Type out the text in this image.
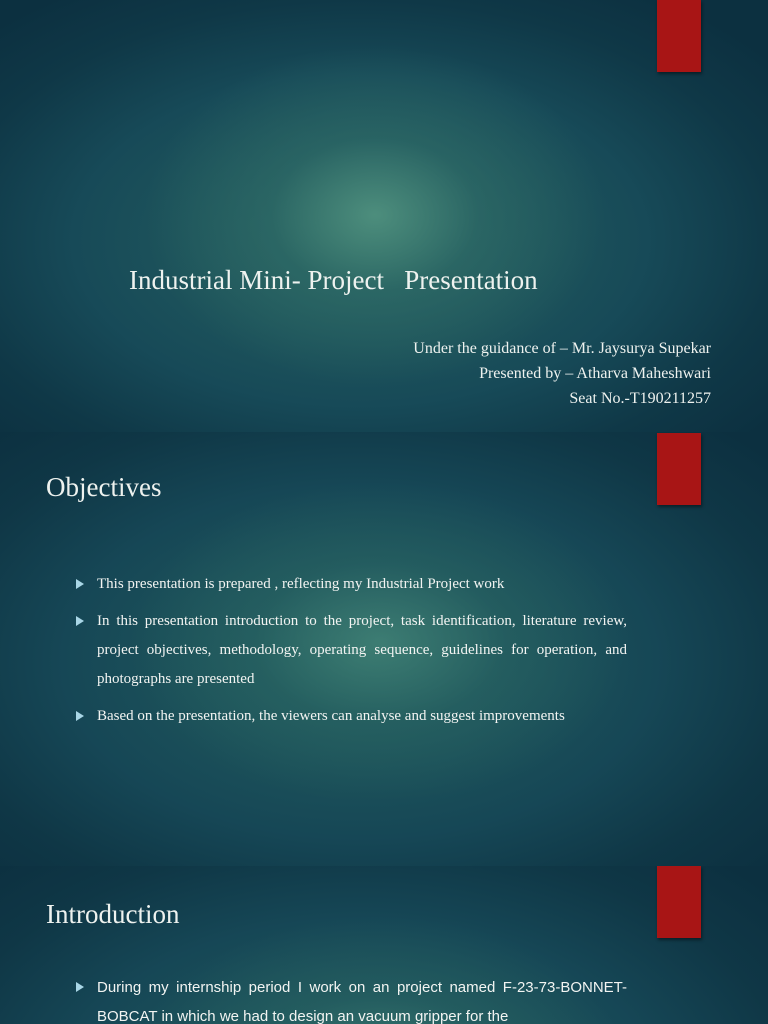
Industrial Mini- Project   Presentation
Under the guidance of – Mr. Jaysurya Supekar
Presented by – Atharva Maheshwari
Seat No.-T190211257
Objectives
This presentation is prepared , reflecting my Industrial Project work
In this presentation introduction to the project, task identification, literature review, project objectives, methodology, operating sequence, guidelines for operation, and photographs are presented
Based on the presentation, the viewers can analyse and suggest improvements
Introduction
During my internship period I work on an project named F-23-73-BONNET-BOBCAT in which we had to design an vacuum gripper for the
